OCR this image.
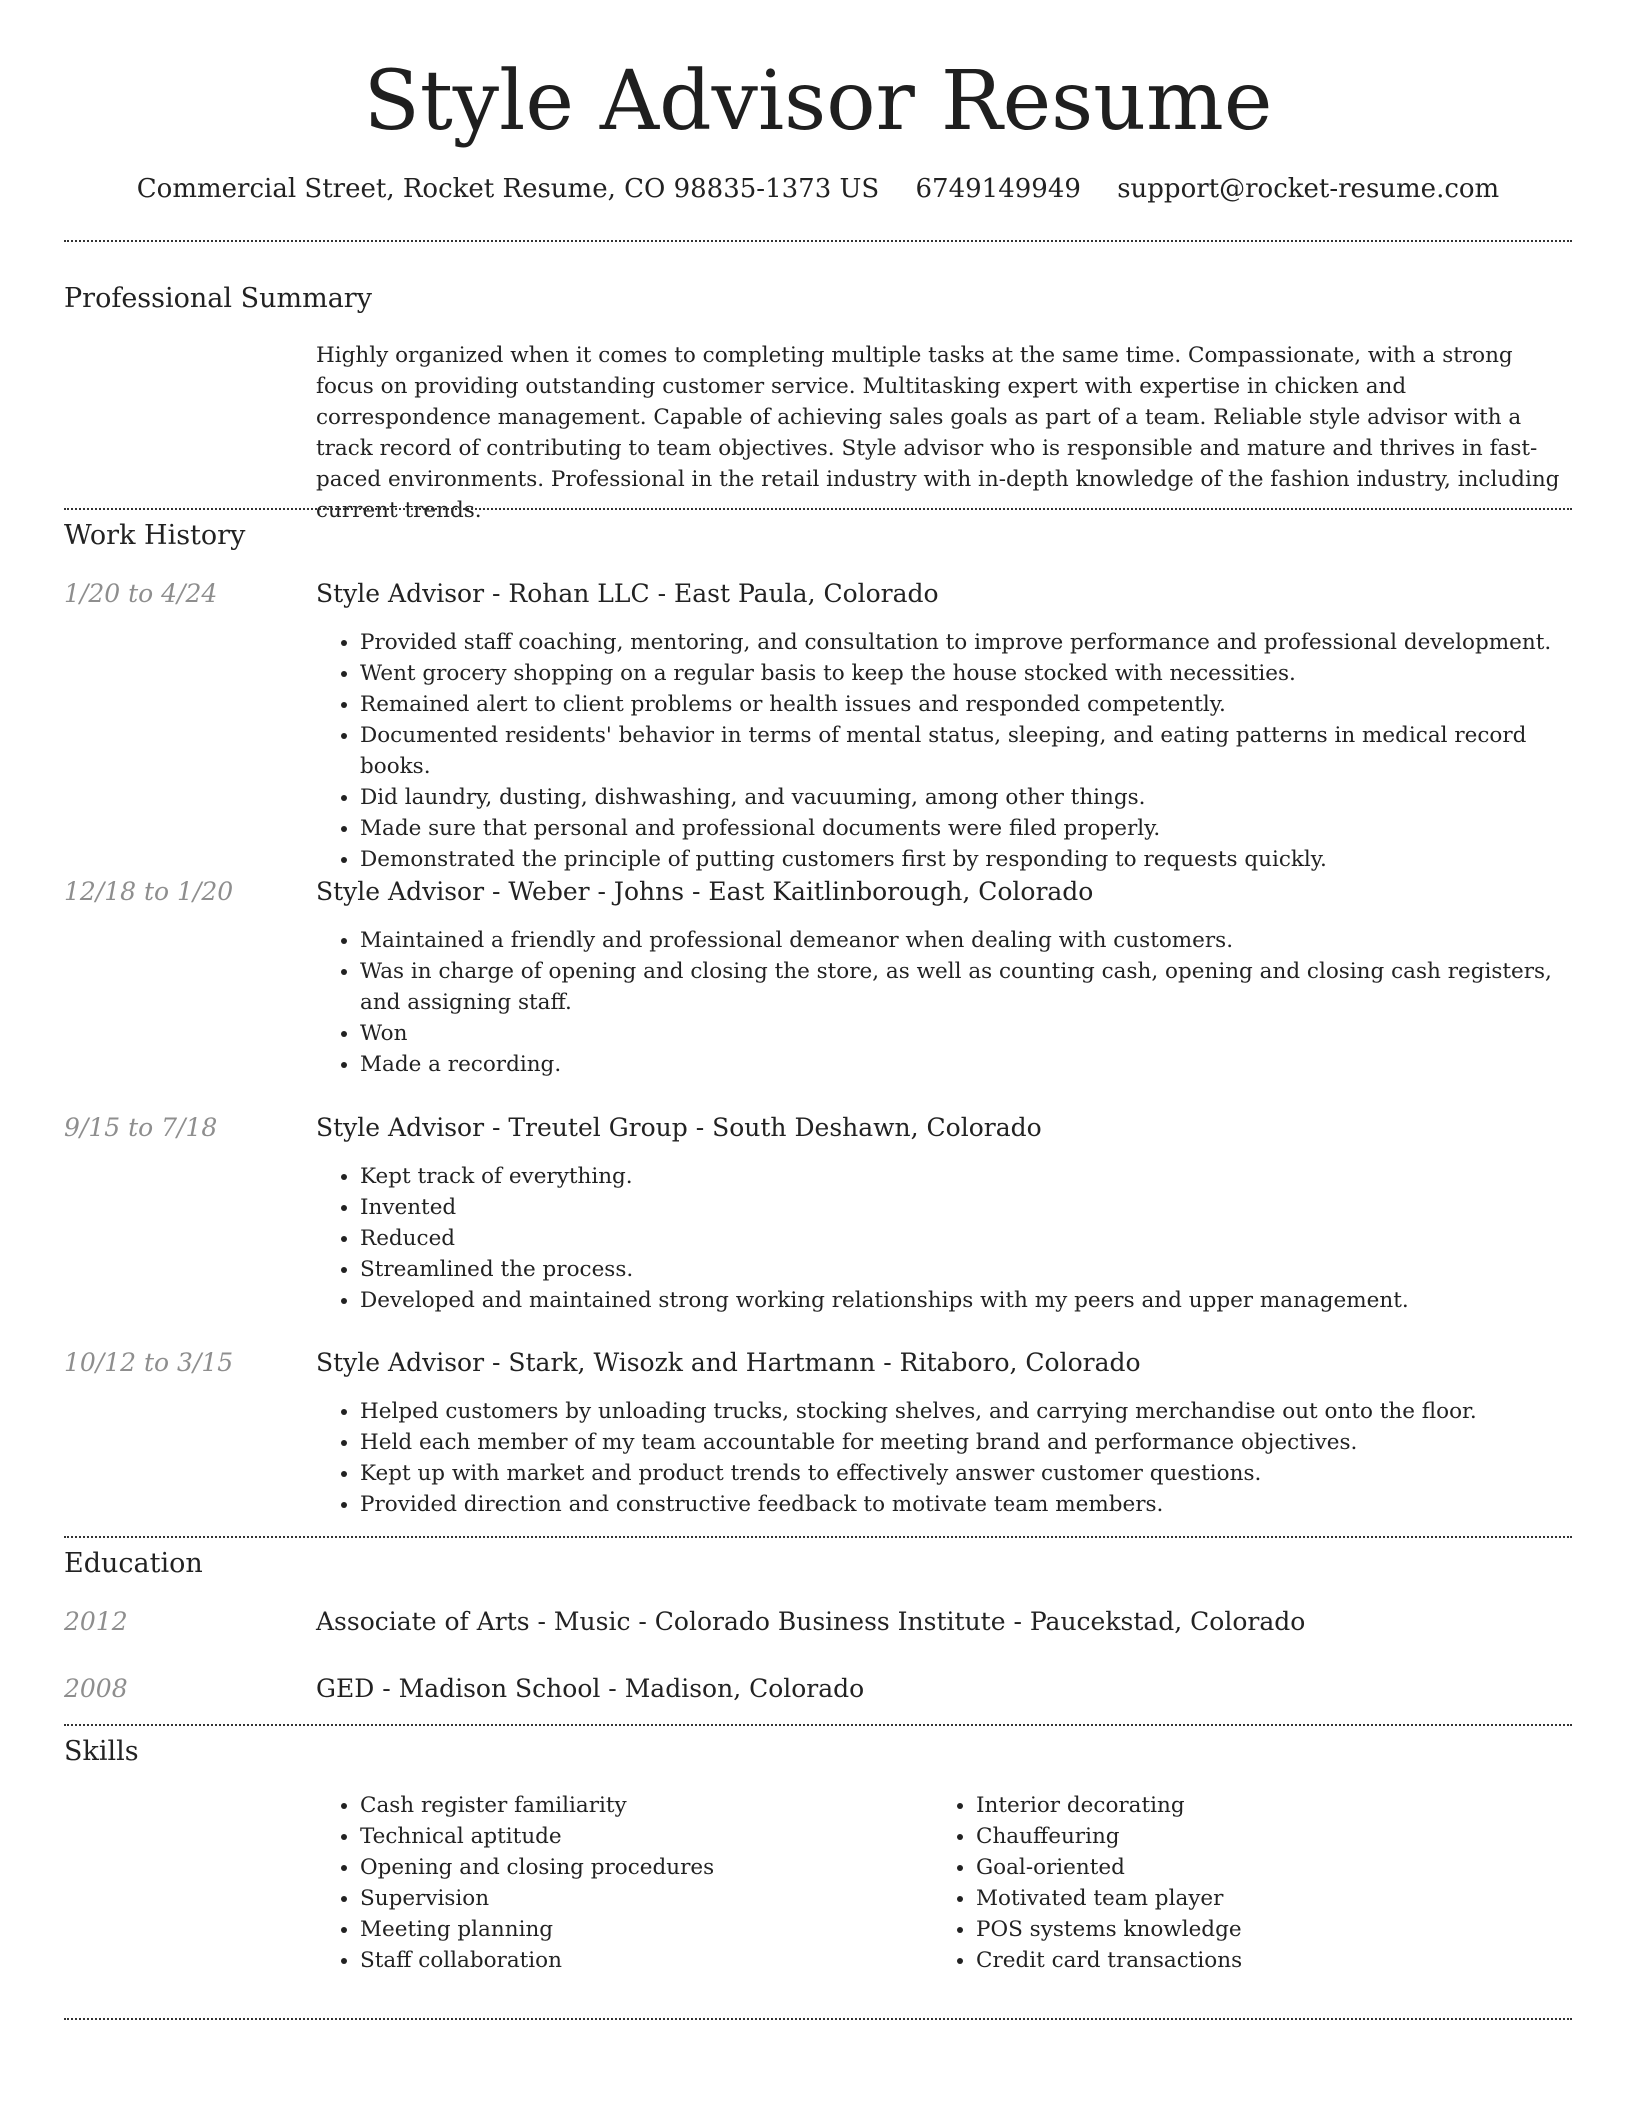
Style Advisor Resume
Commercial Street, Rocket Resume, CO 98835-1373 US 6749149949 support@rocket-resume.com
Professional Summary

Highly organized when it comes to completing multiple tasks at the same time. Compassionate, with a strong focus on providing outstanding customer service. Multitasking expert with expertise in chicken and correspondence management. Capable of achieving sales goals as part of a team. Reliable style advisor with a track record of contributing to team objectives. Style advisor who is responsible and mature and thrives in fast-paced environments. Professional in the retail industry with in-depth knowledge of the fashion industry, including current trends.

Work History
1/20 to 4/24	Style Advisor - Rohan LLC - East Paula, Colorado
• Provided staff coaching, mentoring, and consultation to improve performance and professional development.
• Went grocery shopping on a regular basis to keep the house stocked with necessities.
• Remained alert to client problems or health issues and responded competently.
• Documented residents' behavior in terms of mental status, sleeping, and eating patterns in medical record books.
• Did laundry, dusting, dishwashing, and vacuuming, among other things.
• Made sure that personal and professional documents were filed properly.
• Demonstrated the principle of putting customers first by responding to requests quickly.
12/18 to 1/20	Style Advisor - Weber - Johns - East Kaitlinborough, Colorado
• Maintained a friendly and professional demeanor when dealing with customers.
• Was in charge of opening and closing the store, as well as counting cash, opening and closing cash registers, and assigning staff.
• Won
• Made a recording.
9/15 to 7/18	Style Advisor - Treutel Group - South Deshawn, Colorado
• Kept track of everything.
• Invented
• Reduced
• Streamlined the process.
• Developed and maintained strong working relationships with my peers and upper management.
10/12 to 3/15	Style Advisor - Stark, Wisozk and Hartmann - Ritaboro, Colorado
• Helped customers by unloading trucks, stocking shelves, and carrying merchandise out onto the floor.
• Held each member of my team accountable for meeting brand and performance objectives.
• Kept up with market and product trends to effectively answer customer questions.
• Provided direction and constructive feedback to motivate team members.
Education
2012	Associate of Arts - Music - Colorado Business Institute - Paucekstad, Colorado
2008	GED - Madison School - Madison, Colorado
Skills
• Cash register familiarity
• Technical aptitude
• Opening and closing procedures
• Supervision
• Meeting planning
• Staff collaboration
• Interior decorating
• Chauffeuring
• Goal-oriented
• Motivated team player
• POS systems knowledge
• Credit card transactions
